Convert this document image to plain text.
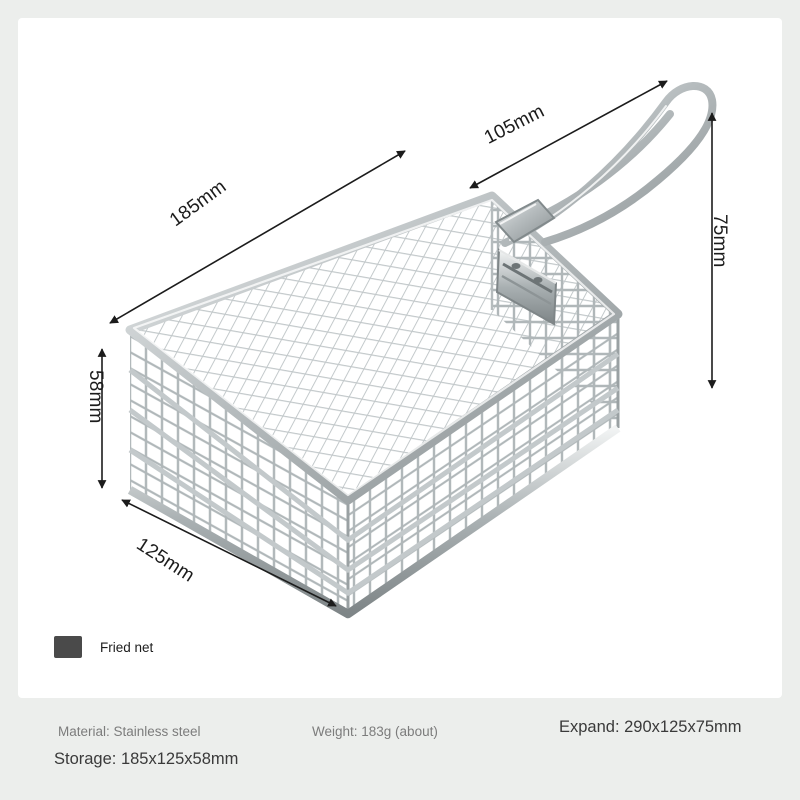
185mm
105mm
75mm
58mm
125mm
Fried net
Material: Stainless steel	Weight: 183g (about)	Expand: 290x125x75mm
Storage: 185x125x58mm
